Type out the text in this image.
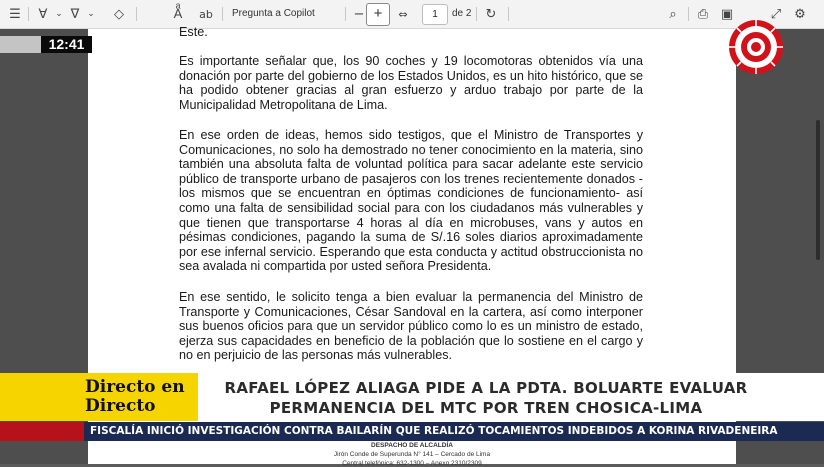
☰	∀ ⌄ ∇ ⌄	◇	Aͣ	ab Pregunta a Copilot	− +	⇔	1	de 2 ↻	⌕	⎙ ▣	⤢ ⚙
Este.
Es importante señalar que, los 90 coches y 19 locomotoras obtenidos vía una donación por parte del gobierno de los Estados Unidos, es un hito histórico, que se ha podido obtener gracias al gran esfuerzo y arduo trabajo por parte de la Municipalidad Metropolitana de Lima.
En ese orden de ideas, hemos sido testigos, que el Ministro de Transportes y Comunicaciones, no solo ha demostrado no tener conocimiento en la materia, sino también una absoluta falta de voluntad política para sacar adelante este servicio público de transporte urbano de pasajeros con los trenes recientemente donados -los mismos que se encuentran en óptimas condiciones de funcionamiento- así como una falta de sensibilidad social para con los ciudadanos más vulnerables y que tienen que transportarse 4 horas al día en microbuses, vans y autos en pésimas condiciones, pagando la suma de S/.16 soles diarios aproximadamente por ese infernal servicio. Esperando que esta conducta y actitud obstruccionista no sea avalada ni compartida por usted señora Presidenta.
En ese sentido, le solicito tenga a bien evaluar la permanencia del Ministro de Transporte y Comunicaciones, César Sandoval en la cartera, así como interponer sus buenos oficios para que un servidor público como lo es un ministro de estado, ejerza sus capacidades en beneficio de la población que lo sostiene en el cargo y no en perjuicio de las personas más vulnerables.
DESPACHO DE ALCALDÍA
Jirón Conde de Superunda N° 141 – Cercado de Lima
Central telefónica: 632-1300 – Anexo 2310/2309
12:41
Directo en
Directo
RAFAEL LÓPEZ ALIAGA PIDE A LA PDTA. BOLUARTE EVALUAR
PERMANENCIA DEL MTC POR TREN CHOSICA-LIMA
FISCALÍA INICIÓ INVESTIGACIÓN CONTRA BAILARÍN QUE REALIZÓ TOCAMIENTOS INDEBIDOS A KORINA RIVADENEIRA
